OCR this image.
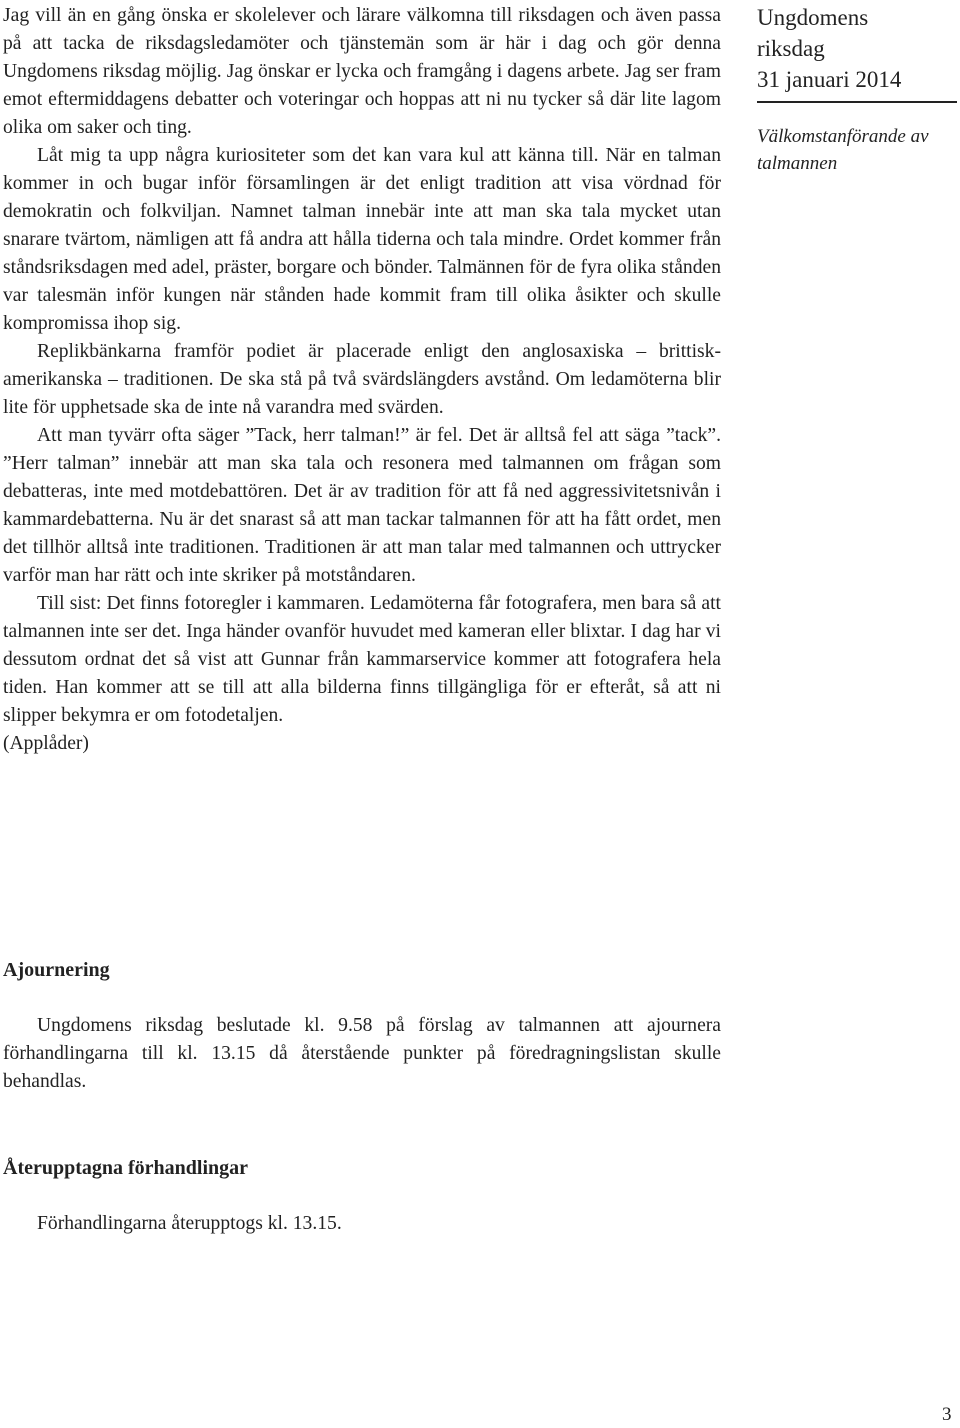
Jag vill än en gång önska er skolelever och lärare välkomna till riksdagen och även passa på att tacka de riksdagsledamöter och tjänstemän som är här i dag och gör denna Ungdomens riksdag möjlig. Jag önskar er lycka och framgång i dagens arbete. Jag ser fram emot eftermiddagens debatter och voteringar och hoppas att ni nu tycker så där lite lagom olika om saker och ting.

Låt mig ta upp några kuriositeter som det kan vara kul att känna till. När en talman kommer in och bugar inför församlingen är det enligt tradition att visa vördnad för demokratin och folkviljan. Namnet talman innebär inte att man ska tala mycket utan snarare tvärtom, nämligen att få andra att hålla tiderna och tala mindre. Ordet kommer från ståndsriksdagen med adel, präster, borgare och bönder. Talmännen för de fyra olika stånden var talesmän inför kungen när stånden hade kommit fram till olika åsikter och skulle kompromissa ihop sig.

Replikbänkarna framför podiet är placerade enligt den anglosaxiska – brittisk-amerikanska – traditionen. De ska stå på två svärdslängders avstånd. Om ledamöterna blir lite för upphetsade ska de inte nå varandra med svärden.

Att man tyvärr ofta säger ”Tack, herr talman!” är fel. Det är alltså fel att säga ”tack”. ”Herr talman” innebär att man ska tala och resonera med talmannen om frågan som debatteras, inte med motdebattören. Det är av tradition för att få ned aggressivitetsnivån i kammardebatterna. Nu är det snarast så att man tackar talmannen för att ha fått ordet, men det tillhör alltså inte traditionen. Traditionen är att man talar med talmannen och uttrycker varför man har rätt och inte skriker på motståndaren.

Till sist: Det finns fotoregler i kammaren. Ledamöterna får fotografera, men bara så att talmannen inte ser det. Inga händer ovanför huvudet med kameran eller blixtar. I dag har vi dessutom ordnat det så vist att Gunnar från kammarservice kommer att fotografera hela tiden. Han kommer att se till att alla bilderna finns tillgängliga för er efteråt, så att ni slipper bekymra er om fotodetaljen.

(Applåder)

Ajournering

Ungdomens riksdag beslutade kl. 9.58 på förslag av talmannen att ajournera förhandlingarna till kl. 13.15 då återstående punkter på föredragningslistan skulle behandlas.

Återupptagna förhandlingar

Förhandlingarna återupptogs kl. 13.15.

Ungdomens
riksdag
31 januari 2014
Välkomstanförande av
talmannen
3
